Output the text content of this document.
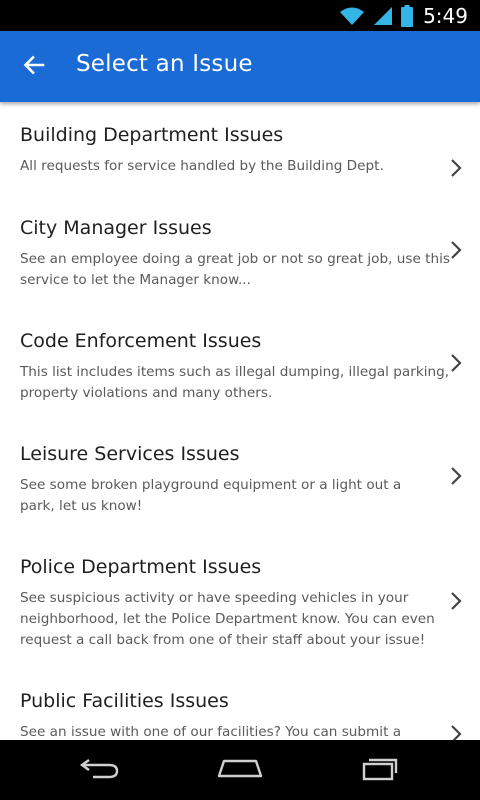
5:49
Select an Issue
Building Department Issues
All requests for service handled by the Building Dept.
City Manager Issues
See an employee doing a great job or not so great job, use this service to let the Manager know...
Code Enforcement Issues
This list includes items such as illegal dumping, illegal parking, property violations and many others.
Leisure Services Issues
See some broken playground equipment or a light out a park, let us know!
Police Department Issues
See suspicious activity or have speeding vehicles in your neighborhood, let the Police Department know. You can even request a call back from one of their staff about your issue!
Public Facilities Issues
See an issue with one of our facilities? You can submit a
